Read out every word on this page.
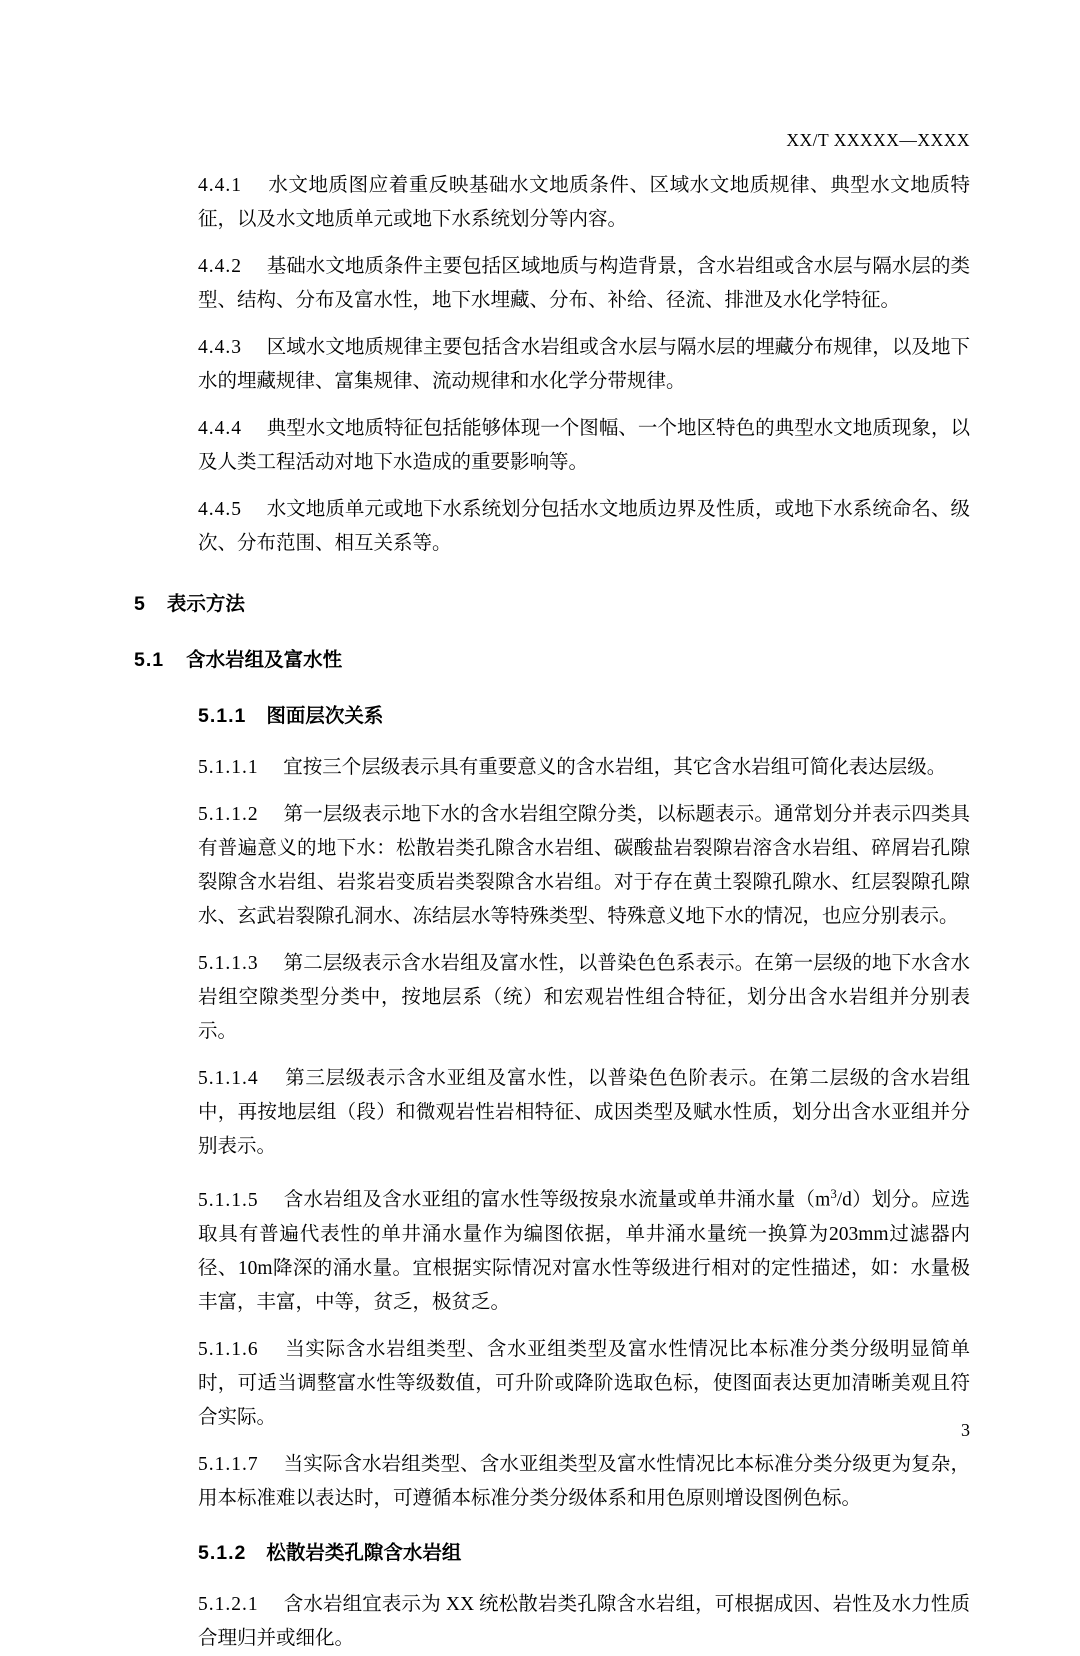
XX/T XXXXX—XXXX

4.4.1 水文地质图应着重反映基础水文地质条件、区域水文地质规律、典型水文地质特征，以及水文地质单元或地下水系统划分等内容。

4.4.2 基础水文地质条件主要包括区域地质与构造背景，含水岩组或含水层与隔水层的类型、结构、分布及富水性，地下水埋藏、分布、补给、径流、排泄及水化学特征。

4.4.3 区域水文地质规律主要包括含水岩组或含水层与隔水层的埋藏分布规律，以及地下水的埋藏规律、富集规律、流动规律和水化学分带规律。

4.4.4 典型水文地质特征包括能够体现一个图幅、一个地区特色的典型水文地质现象，以及人类工程活动对地下水造成的重要影响等。

4.4.5 水文地质单元或地下水系统划分包括水文地质边界及性质，或地下水系统命名、级次、分布范围、相互关系等。

5 表示方法

5.1 含水岩组及富水性

5.1.1 图面层次关系

5.1.1.1 宜按三个层级表示具有重要意义的含水岩组，其它含水岩组可简化表达层级。

5.1.1.2 第一层级表示地下水的含水岩组空隙分类，以标题表示。通常划分并表示四类具有普遍意义的地下水：松散岩类孔隙含水岩组、碳酸盐岩裂隙岩溶含水岩组、碎屑岩孔隙裂隙含水岩组、岩浆岩变质岩类裂隙含水岩组。对于存在黄土裂隙孔隙水、红层裂隙孔隙水、玄武岩裂隙孔洞水、冻结层水等特殊类型、特殊意义地下水的情况，也应分别表示。

5.1.1.3 第二层级表示含水岩组及富水性，以普染色色系表示。在第一层级的地下水含水岩组空隙类型分类中，按地层系（统）和宏观岩性组合特征，划分出含水岩组并分别表示。

5.1.1.4 第三层级表示含水亚组及富水性，以普染色色阶表示。在第二层级的含水岩组中，再按地层组（段）和微观岩性岩相特征、成因类型及赋水性质，划分出含水亚组并分别表示。

5.1.1.5 含水岩组及含水亚组的富水性等级按泉水流量或单井涌水量$(m^3/d)$划分。应选取具有普遍代表性的单井涌水量作为编图依据，单井涌水量统一换算为203mm过滤器内径、10m降深的涌水量。宜根据实际情况对富水性等级进行相对的定性描述，如：水量极丰富，丰富，中等，贫乏，极贫乏。

5.1.1.6 当实际含水岩组类型、含水亚组类型及富水性情况比本标准分类分级明显简单时，可适当调整富水性等级数值，可升阶或降阶选取色标，使图面表达更加清晰美观且符合实际。

5.1.1.7 当实际含水岩组类型、含水亚组类型及富水性情况比本标准分类分级更为复杂，用本标准难以表达时，可遵循本标准分类分级体系和用色原则增设图例色标。

5.1.2 松散岩类孔隙含水岩组

5.1.2.1 含水岩组宜表示为 XX 统松散岩类孔隙含水岩组，可根据成因、岩性及水力性质合理归并或细化。

3
